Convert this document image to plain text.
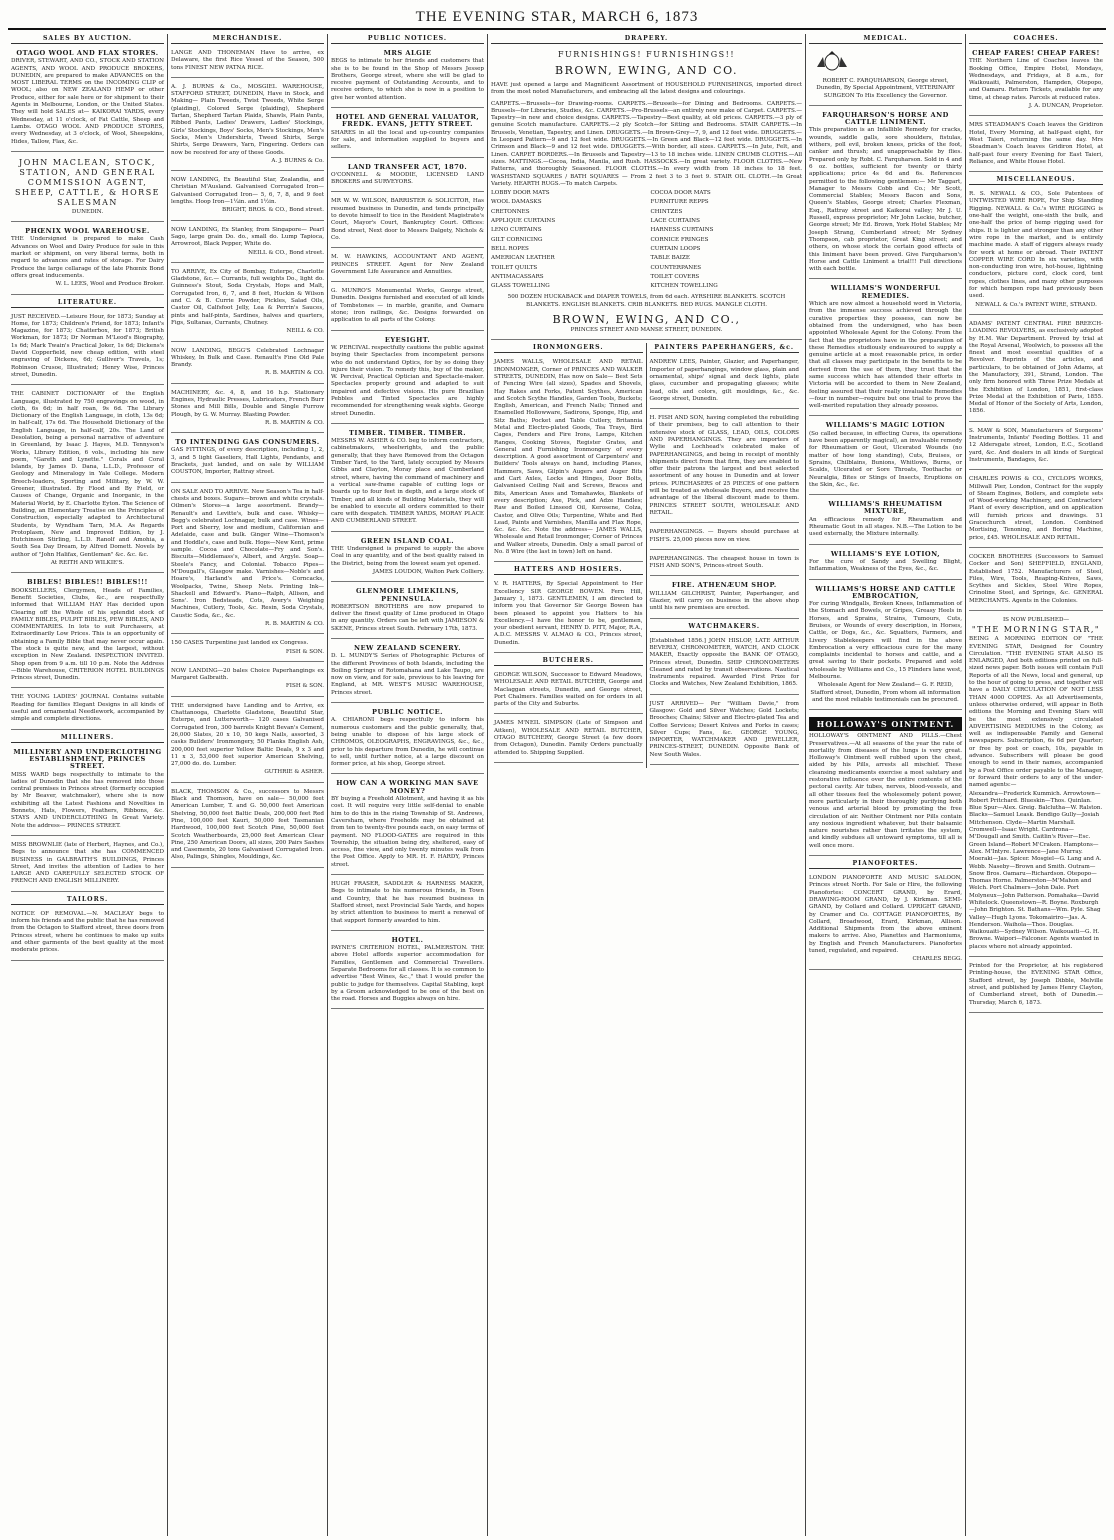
THE EVENING STAR, MARCH 6, 1873
SALES BY AUCTION.

OTAGO WOOL AND FLAX STORES.

DRIVER, STEWART, AND CO., STOCK AND STATION AGENTS, AND WOOL AND PRODUCE BROKERS, DUNEDIN, are prepared to make ADVANCES on the MOST LIBERAL TERMS on the INCOMING CLIP of WOOL; also on NEW ZEALAND HEMP or other Produce, either for sale here or for shipment to their Agents in Melbourne, London, or the United States. They will hold SALES at— KAIKORAI YARDS, every Wednesday, at 11 o'clock, of Fat Cattle, Sheep and Lambs. OTAGO WOOL AND PRODUCE STORES, every Wednesday, at 3 o'clock, of Wool, Sheepskins, Hides, Tallow, Flax, &c.

JOHN MACLEAN, STOCK, STATION, AND GENERAL COMMISSION AGENT, SHEEP, CATTLE, & HORSE SALESMAN

DUNEDIN.

PHŒNIX WOOL WAREHOUSE.

THE Undersigned is prepared to make Cash Advances on Wool and Dairy Produce for sale in this market or shipment, on very liberal terms, both in regard to advances and rates of storage. For Dairy Produce the large cellarage of the late Phœnix Bond offers great inducements.

W. L. LEES, Wool and Produce Broker.

LITERATURE.

JUST RECEIVED.—Leisure Hour, for 1873; Sunday at Home, for 1873; Children's Friend, for 1873; Infant's Magazine, for 1873; Chatterbox, for 1873; British Workman, for 1873; Dr Norman M'Leod's Biography, 1s 6d; Mark Twain's Practical Joker, 1s 6d; Dickens's David Copperfield, new cheap edition, with steel engraving of Dickens, 6d; Gulliver's Travels, 1s; Robinson Crusoe, Illustrated; Henry Wise, Princes street, Dunedin.

THE CABINET DICTIONARY of the English Language, illustrated by 750 engravings on wood, in cloth, 6s 6d; in half roan, 9s 6d. The Library Dictionary of the English Language, in cloth, 13s 6d; in half-calf, 17s 6d. The Household Dictionary of the English Language, in half-calf, 20s. The Land of Desolation, being a personal narrative of adventure in Greenland, by Isaac J. Hayes, M.D. Tennyson's Works, Library Edition, 6 vols., including his new poem, "Gareth and Lynette." Corals and Coral Islands, by James D. Dana, L.L.D., Professor of Geology and Mineralogy in Yale College. Modern Breech-loaders, Sporting and Military, by W. W. Greener, illustrated. By Flood and By Field, or Causes of Change, Organic and Inorganic, in the Material World, by E. Charlotte Eyton. The Science of Building, an Elementary Treatise on the Principles of Construction, especially adapted to Architectural Students, by Wyndham Tarn, M.A. As Regards Protoplasm, New and Improved Edition, by J. Hutchinson Stirling, L.L.D. Ranolf and Amohia, a South Sea Day Dream, by Alfred Domett. Novels by author of "John Halifax, Gentleman" &c. &c. &c.

At REITH AND WILKIE'S.

BIBLES! BIBLES!! BIBLES!!!

BOOKSELLERS, Clergymen, Heads of Families, Benefit Societies, Clubs, &c., are respectfully informed that WILLIAM HAY Has decided upon Clearing off the Whole of his splendid stock of FAMILY BIBLES, PULPIT BIBLES, PEW BIBLES, AND COMMENTARIES. In lots to suit Purchasers, at Extraordinarily Low Prices. This is an opportunity of obtaining a Family Bible that may never occur again. The stock is quite new, and the largest, without exception in New Zealand. INSPECTION INVITED. Shop open from 9 a.m. till 10 p.m. Note the Address—Bible Warehouse, CRITERION HOTEL BUILDINGS Princes street, Dunedin.

THE YOUNG LADIES' JOURNAL Contains suitable Reading for families Elegant Designs in all kinds of useful and ornamental Needlework, accompanied by simple and complete directions.

MILLINERS.

MILLINERY AND UNDERCLOTHING ESTABLISHMENT, PRINCES STREET.

MISS WARD begs respectfully to intimate to the ladies of Dunedin that she has removed into those central premises in Princes street (formerly occupied by Mr Beaver, watchmaker), where she is now exhibiting all the Latest Fashions and Novelties in Bonnets, Hats, Flowers, Feathers, Ribbons, &c. STAYS AND UNDERCLOTHING In Great Variety. Note the address— PRINCES STREET.

MISS BROWNLIE (late of Herbert, Haynes, and Co.), Begs to announce that she has COMMENCED BUSINESS in GALBRAITH'S BUILDINGS, Princes Street, And invites the attention of Ladies to her LARGE AND CAREFULLY SELECTED STOCK OF FRENCH AND ENGLISH MILLINERY.

TAILORS.

NOTICE OF REMOVAL.—N. MACLEAY begs to inform his friends and the public that he has removed from the Octagon to Stafford street, three doors from Princes street, where he continues to make up suits and other garments of the best quality at the most moderate prices.

MERCHANDISE.

LANGE AND THONEMAN Have to arrive, ex Delaware, the first Rice Vessel of the Season, 500 tons FINEST NEW PATNA RICE.

A. J. BURNS & Co., MOSGIEL WAREHOUSE, STAFFORD STREET, DUNEDIN, Have in Stock, and Making— Plain Tweeds, Twist Tweeds, White Serge (plaiding), Colored Serge (plaiding), Shepherd Tartan, Shepherd Tartan Plaids, Shawls, Plain Pants, Ribbed Pants, Ladies' Drawers, Ladies' Stockings, Girls' Stockings, Boys' Socks, Men's Stockings, Men's Socks, Men's Undershirts, Tweed Shirts, Serge Shirts, Serge Drawers, Yarn, Fingering. Orders can now be received for any of these Goods.

A. J. BURNS & Co.

NOW LANDING, Ex Beautiful Star, Zealandia, and Christian M'Ausland. Galvanised Corrugated Iron— Galvanised Corrugated Iron— 5, 6, 7, 8, and 9 feet lengths. Hoop Iron—1¼in. and 1½in.

BRIGHT, BROS. & CO., Bond street.

NOW LANDING, Ex Stanley, from Singapore— Pearl Sago, large grain Do. do., small do. Lump Tapioca, Arrowroot, Black Pepper, White do.

NEILL & CO., Bond street.

TO ARRIVE, Ex City of Bombay, Euterpe, Charlotte Gladstone, &c.— Currants, full weights Do., light do. Guinness's Stout, Soda Crystals, Hops and Malt, Corrugated Iron, 6, 7, and 8 feet, Huckin & Wilson and C. & B. Currie Powder, Pickles, Salad Oils, Castor Oil, Calfsfoot Jelly, Lea & Perrin's Sauces, pints and half-pints, Sardines, halves and quarters, Figs, Sultanas, Currants, Chutney.

NEILL & CO.

NOW LANDING, BEGG'S Celebrated Lochnagar Whiskey, In Bulk and Case. Renault's Fine Old Pale Brandy.

R. B. MARTIN & CO.

MACHINERY, &c. 4, 8, and 16 h.p. Stationary Engines, Hydraulic Presses, Lubricators, French Burr Stones and Mill Bills, Double and Single Furrow Plough, by G. W. Murray. Blasting Powder.

R. B. MARTIN & CO.

TO INTENDING GAS CONSUMERS.

GAS FITTINGS, of every description, including 1, 2, 3, and 5 light Gaseliers, Hall Lights, Pendants, and Brackets, just landed, and on sale by WILLIAM COUSTON, Importer, Rattray street.

ON SALE AND TO ARRIVE. New Season's Tea in half-chests and boxes. Sugars—brown and white crystals. Oilmen's Stores—a large assortment. Brandy—Renault's and Levitte's, bulk and case. Whisky—Begg's celebrated Lochnagar, bulk and case. Wines—Port and Sherry, low and medium, Californian and Adelaide, case and bulk. Ginger Wine—Thomson's and Hoddle's, case and bulk. Hops—New Kent, prime sample. Cocoa and Chocolate—Fry and Son's. Biscuits—Middlemass's, Albert, and Argyle. Soap—Steele's Fancy, and Colonial. Tobacco Pipes—M'Dougall's, Glasgow make. Varnishes—Noble's and Hoare's, Harland's and Price's. Corncacks, Woolpacks, Twine, Sheep Nets. Printing Ink—Shackell and Edward's. Piano—Ralph, Allison, and Sons'. Iron Bedsteads, Cots, Avery's Weighing Machines, Cutlery, Tools, &c. Resin, Soda Crystals, Caustic Soda, &c., &c.

R. B. MARTIN & CO.

150 CASES Turpentine just landed ex Congress.

FISH & SON.

NOW LANDING—20 bales Choice Paperhangings ex Margaret Galbraith.

FISH & SON.

THE undersigned have Landing and to Arrive, ex Chattanooga, Charlotte Gladstone, Beautiful Star, Euterpe, and Lutterworth— 120 cases Galvanised Corrugated Iron, 300 barrels Knight Bevan's Cement, 26,000 Slates, 20 x 10, 50 kegs Nails, assorted, 3 casks Builders' Ironmongery, 50 Flanks English Ash, 200,000 feet superior Yellow Baltic Deals, 9 x 3 and 11 x 3, 53,000 feet superior American Shelving, 27,000 do. do. Lumber.

GUTHRIE & ASHER.

BLACK, THOMSON & Co., successors to Messrs Black and Thomson, have on sale— 50,000 feet American Lumber, T. and G. 50,000 feet American Shelving, 50,000 feet Baltic Deals, 200,000 feet Red Pine, 100,000 feet Kauri, 50,000 feet Tasmanian Hardwood, 100,000 feet Scotch Pine, 50,000 feet Scotch Weatherboards, 25,000 feet American Clear Pine, 250 American Doors, all sizes, 200 Pairs Sashes and Casements, 20 tons Galvanised Corrugated Iron. Also, Palings, Shingles, Mouldings, &c.

PUBLIC NOTICES.

MRS ALGIE

BEGS to intimate to her friends and customers that she is to be found in the Shop of Messrs Jessep Brothers, George street, where she will be glad to receive payment of Outstanding Accounts, and to receive orders, to which she is now in a position to give her wonted attention.

HOTEL AND GENERAL VALUATOR, FREDK. EVANS, JETTY STREET.

SHARES in all the local and up-country companies for sale, and information supplied to buyers and sellers.

LAND TRANSFER ACT, 1870.

O'CONNELL & MOODIE, LICENSED LAND BROKERS and SURVEYORS.

MR W. W. WILSON, BARRISTER & SOLICITOR, Has resumed business in Dunedin, and tends principally to devote himself to tice in the Resident Magistrate's Court, Mayor's Court, Bankruptcy Court. Offices: Bond street, Next door to Messrs Dalgety, Nichols & Co.

M. W. HAWKINS, ACCOUNTANT AND AGENT, PRINCES STREET. Agent for New Zealand Government Life Assurance and Annuities.

G. MUNRO'S Monumental Works, George street, Dunedin. Designs furnished and executed of all kinds of Tombstones — in marble, granite, and Oamaru stone; iron railings, &c. Designs forwarded on application to all parts of the Colony.

EYESIGHT.

W. PERCIVAL respectfully cautions the public against buying their Spectacles from incompetent persons who do not understand Optics, for by so doing they injure their vision. To remedy this, buy of the maker, W. Percival, Practical Optician and Spectacle-maker. Spectacles properly ground and adapted to suit impaired and defective visions. His pure Brazilian Pebbles and Tinted Spectacles are highly recommended for strengthening weak sights. George street Dunedin.

TIMBER. TIMBER. TIMBER.

MESSRS W. ASHER & CO. beg to inform contractors, cabinetmakers, wheelwrights, and the public generally, that they have Removed from the Octagon Timber Yard, to the Yard, lately occupied by Messrs Gibbs and Clayton, Moray place and Cumberland street, where, having the command of machinery and a vertical saw-frame capable of cutting logs or boards up to four feet in depth, and a large stock of Timber, and all kinds of Building Materials, they will be enabled to execute all orders committed to their care with despatch. TIMBER YARDS, MORAY PLACE AND CUMBERLAND STREET.

GREEN ISLAND COAL.

THE Undersigned is prepared to supply the above Coal in any quantity, and of the best quality raised in the District, being from the lowest seam yet opened.

JAMES LOUDON, Walton Park Colliery.

GLENMORE LIMEKILNS, PENINSULA.

ROBERTSON BROTHERS are now prepared to deliver the finest quality of Lime produced in Otago in any quantity. Orders can be left with JAMIESON & SKENE, Princes street South. February 17th, 1873.

NEW ZEALAND SCENERY.

D. L. MUNDY'S Series of Photographic Pictures of the different Provinces of both Islands, including the Boiling Springs of Rotomahana and Lake Taupo, are now on view, and for sale, previous to his leaving for England, at MR. WEST'S MUSIC WAREHOUSE, Princes street.

PUBLIC NOTICE.

A. CHIARONI begs respectfully to inform his numerous customers and the public generally, that, being unable to dispose of his large stock of CHROMOS, OLEOGRAPHS, ENGRAVINGS, &c., &c., prior to his departure from Dunedin, he will continue to sell, until further notice, at a large discount on former price, at his shop, George street.

HOW CAN A WORKING MAN SAVE MONEY?

BY buying a Freehold Allotment, and having it as his cost. It will require very little self-denial to enable him to do this in the rising Township of St. Andrews, Caversham, where Freeholds may be obtained at from ten to twenty-five pounds each, on easy terms of payment. NO FLOOD-GATES are required in this Township, the situation being dry, sheltered, easy of access, fine view, and only twenty minutes walk from the Post Office. Apply to MR. H. F. HARDY, Princes street.

HUGH FRASER, SADDLER & HARNESS MAKER, Begs to intimate to his numerous friends, in Town and Country, that he has resumed business in Stafford street, next Provincial Sale Yards, and hopes by strict attention to business to merit a renewal of that support formerly awarded to him.

HOTEL.

PAYNE'S CRITERION HOTEL, PALMERSTON. THE above Hotel affords superior accommodation for Families, Gentlemen and Commercial Travellers. Separate Bedrooms for all classes. It is so common to advertise "Best Wines, &c.," that I would prefer the public to judge for themselves. Capital Stabling, kept by a Groom acknowledged to be one of the best on the road. Horses and Buggies always on hire.

DRAPERY.

FURNISHINGS! FURNISHINGS!!

BROWN, EWING, AND CO.

HAVE just opened a large and Magnificent Assortment of HOUSEHOLD FURNISHINGS, imported direct from the most noted Manufacturers, and embracing all the latest designs and colourings.

CARPETS.—Brussels—for Drawing-rooms. CARPETS.—Brussels—for Dining and Bedrooms. CARPETS.—Brussels—for Libraries, Studies, &c. CARPETS.—Pro-Brussels—an entirely new make of Carpet. CARPETS.—Tapestry—in new and choice designs. CARPETS.—Tapestry—Best quality, at old prices. CARPETS.—3 ply of genuine Scotch manufacture. CARPETS.—2 ply Scotch—for Sitting and Bedrooms. STAIR CARPETS.—In Brussels, Venetian, Tapestry, and Linen. DRUGGETS.—In Brown-Grey—7, 9, and 12 feet wide. DRUGGETS.—In Leopard Pattern—9 and 12 feet wide. DRUGGETS.—In Green and Black—12 feet wide. DRUGGETS.—In Crimson and Black—9 and 12 feet wide. DRUGGETS.—With border, all sizes. CARPETS.—In Jute, Felt, and Linen. CARPET BORDERS.—In Brussels and Tapestry—13 to 18 inches wide. LINEN CRUMB CLOTHS.—All sizes. MATTINGS.—Cocoa, India, Manila, and Rush. HASSOCKS.—In great variety. FLOOR CLOTHS.—New Patterns, and thoroughly Seasoned. FLOOR CLOTHS.—In every width from 18 inches to 18 feet. WASHSTAND SQUARES / BATH SQUARES — From 2 feet 3 to 3 feet 9. STAIR OIL CLOTH.—In Great Variety. HEARTH RUGS.—To match Carpets.

LOBBY DOOR MATS	COCOA DOOR MATS

WOOL DAMASKS	FURNITURE REPPS

CRETONNES	CHINTZES

APPLIQUE CURTAINS	LACE CURTAINS

LENO CURTAINS	HARNESS CURTAINS

GILT CORNICING	CORNICE FRINGES

BELL ROPES	CURTAIN LOOPS

AMERICAN LEATHER	TABLE BAIZE

TOILET QUILTS	COUNTERPANES

ANTIMACASSARS	TOILET COVERS

GLASS TOWELLING	KITCHEN TOWELLING

500 DOZEN HUCKABACK and DIAPER TOWELS, from 6d each. AYRSHIRE BLANKETS. SCOTCH BLANKETS. ENGLISH BLANKETS. CRIB BLANKETS. BED RUGS. MANGLE CLOTH.

BROWN, EWING, AND CO.,

PRINCES STREET AND MANSE STREET, DUNEDIN.

IRONMONGERS.

JAMES WALLS, WHOLESALE AND RETAIL IRONMONGER, Corner of PRINCES AND WALKER STREETS, DUNEDIN, Has now on Sale— Best Sets of Fencing Wire (all sizes), Spades and Shovels, Hay Rakes and Forks, Patent Scythes, American and Scotch Scythe Handles, Garden Tools, Buckets; English, American, and French Nails; Tinned and Enamelled Hollowware, Sadirons, Sponge, Hip, and Sitz Baths; Pocket and Table Cutlery, Britannia Metal and Electro-plated Goods, Tea Trays, Bird Cages, Fenders and Fire Irons, Lamps, Kitchen Ranges, Cooking Stoves, Register Grates, and General and Furnishing Ironmongery of every description. A good assortment of Carpenters' and Builders' Tools always on hand, including Planes, Hammers, Saws, Gilpin's Augers and Auger Bits and Cart Axles, Locks and Hinges, Door Bolts, Galvanised Ceiling Nail and Screws, Braces and Bits, American Axes and Tomahawks, Blankets of every description; Axe, Pick, and Adze Handles; Raw and Boiled Linseed Oil, Kerosene, Colza, Castor, and Olive Oils; Turpentine, White and Red Lead, Paints and Varnishes, Manilla and Flax Rope, &c. &c. &c. Note the address— JAMES WALLS, Wholesale and Retail Ironmonger, Corner of Princes and Walker streets, Dunedin. Only a small parcel of No. 8 Wire (the last in town) left on hand.

HATTERS AND HOSIERS.

V. R. HATTERS, By Special Appointment to Her Excellency SIR GEORGE BOWEN. Fern Hill, January 1, 1873. GENTLEMEN, I am directed to inform you that Governor Sir George Bowen has been pleased to appoint you Hatters to his Excellency.—I have the honor to be, gentlemen, your obedient servant, HENRY D. PITT, Major, R.A., A.D.C. MESSRS V. ALMAO & CO., Princes street, Dunedin.

BUTCHERS.

GEORGE WILSON, Successor to Edward Meadows, WHOLESALE AND RETAIL BUTCHER, George and Maclaggan streets, Dunedin, and George street, Port Chalmers. Families waited on for orders in all parts of the City and Suburbs.

JAMES M'NEIL SIMPSON (Late of Simpson and Aitken), WHOLESALE AND RETAIL BUTCHER, OTAGO BUTCHERY, George Street (a few doors from Octagon), Dunedin. Family Orders punctually attended to. Shipping Supplied.

PAINTERS PAPERHANGERS, &c.

ANDREW LEES, Painter, Glazier, and Paperhanger, Importer of paperhangings, window glass, plain and ornamental, ships' signal and deck lights, plate glass, cucumber and propagating glasses; white lead, oils and colors, gilt mouldings, &c., &c. George street, Dunedin.

H. FISH AND SON, having completed the rebuilding of their premises, beg to call attention to their extensive stock of GLASS, LEAD, OILS, COLORS AND PAPERHANGINGS. They are importers of Wylie and Lochhead's celebrated make of PAPERHANGINGS, and being in receipt of monthly shipments direct from that firm, they are enabled to offer their patrons the largest and best selected assortment of any house in Dunedin and at lower prices. PURCHASERS of 25 PIECES of one pattern will be treated as wholesale Buyers, and receive the advantage of the liberal discount made to them. PRINCES STREET SOUTH, WHOLESALE AND RETAIL.

PAPERHANGINGS. — Buyers should purchase at FISH'S. 25,000 pieces now on view.

PAPERHANGINGS. The cheapest house in town is FISH AND SON'S, Princes-street South.

FIRE. ATHENÆUM SHOP.

WILLIAM GILCHRIST, Painter, Paperhanger, and Glazier, will carry on business in the above shop until his new premises are erected.

WATCHMAKERS.

[Established 1856.] JOHN HISLOP, LATE ARTHUR BEVERLY, CHRONOMETER, WATCH, AND CLOCK MAKER, Exactly opposite the BANK OF OTAGO, Princes street, Dunedin. SHIP CHRONOMETERS Cleaned and rated by transit observations. Nautical Instruments repaired. Awarded First Prize for Clocks and Watches, New Zealand Exhibition, 1865.

JUST ARRIVED— Per "William Davie," from Glasgow: Gold and Silver Watches; Gold Lockets; Brooches; Chains; Silver and Electro-plated Tea and Coffee Services; Desert Knives and Forks in cases; Silver Cups; Fans, &c. GEORGE YOUNG, IMPORTER, WATCHMAKER AND JEWELLER, PRINCES-STREET, DUNEDIN. Opposite Bank of New South Wales.

MEDICAL.

ROBERT C. FARQUHARSON, George street, Dunedin, By Special Appointment, VETERINARY SURGEON To His Excellency the Governor.

FARQUHARSON'S HORSE AND CATTLE LINIMENT.

This preparation is an Infallible Remedy for cracks, wounds, saddle galls, sore shoulders, fistulas, withers, poll evil, broken knees, pricks of the foot, canker and thrush; and unapproachable by flies. Prepared only by Robt. C. Farquharson. Sold in 4 and 6 oz. bottles, sufficient for twenty or thirty applications; price 4s 6d and 6s. References permitted to the following gentlemen:— Mr Taggart, Manager to Messrs Cobb and Co.; Mr Scott, Commercial Stables; Messrs Bacon and Sons, Queen's Stables, George street; Charles Flexman, Esq., Rattray street and Kaikorai valley; Mr J. U. Russell, express proprietor; Mr John Leckie, butcher, George street; Mr Ed. Brown, York Hotel Stables; Mr Joseph Strang, Cumberland street; Mr Sydney Thompson, cab proprietor, Great King street; and others, on whose stock the certain good effects of this liniment have been proved. Give Farquharson's Horse and Cattle Liniment a trial!!! Full directions with each bottle.

WILLIAMS'S WONDERFUL REMEDIES.

Which are now almost a household word in Victoria, from the immense success achieved through the curative properties they possess, can now be obtained from the undersigned, who has been appointed Wholesale Agent for the Colony. From the fact that the proprietors have in the preparation of these Remedies studiously endeavoured to supply a genuine article at a most reasonable price, in order that all classes may participate in the benefits to be derived from the use of them, they trust that the same success which has attended their efforts in Victoria will be accorded to them in New Zealand, feeling assured that their really invaluable Remedies —four in number—require but one trial to prove the well-merited reputation they already possess.

WILLIAMS'S MAGIC LOTION

(So called because, in effecting Cures, its operations have been apparently magical), an invaluable remedy for Rheumatism or Gout, Ulcerated Wounds (no matter of how long standing), Cuts, Bruises, or Sprains, Chilblains, Bunions, Whitlows, Burns, or Scalds, Ulcerated or Sore Throats, Toothache or Neuralgia, Bites or Stings of Insects, Eruptions on the Skin, &c., &c.

WILLIAMS'S RHEUMATISM MIXTURE,

An efficacious remedy for Rheumatism and Rheumatic Gout in all stages. N.B.—The Lotion to be used externally, the Mixture internally.

WILLIAMS'S EYE LOTION,

For the cure of Sandy and Swelling Blight, Inflammation, Weakness of the Eyes, &c., &c.

WILLIAMS'S HORSE AND CATTLE EMBROCATION,

For curing Windgalls, Broken Knees, Inflammation of the Stomach and Bowels, or Gripes, Greasy Heels in Horses, and Sprains, Strains, Tumours, Cuts, Bruises, or Wounds of every description, in Horses, Cattle, or Dogs, &c., &c. Squatters, Farmers, and Livery Stablekeepers will find in the above Embrocation a very efficacious cure for the many complaints incidental to horses and cattle, and a great saving to their pockets. Prepared and sold wholesale by Williams and Co., 15 Flinders lane west, Melbourne.

Wholesale Agent for New Zealand— G. F. REID, Stafford street, Dunedin, From whom all information and the most reliable testimonials can be procured.

HOLLOWAY'S OINTMENT.

HOLLOWAY'S OINTMENT AND PILLS.—Chest Preservatives.—At all seasons of the year the rate of mortality from diseases of the lungs is very great. Holloway's Ointment well rubbed upon the chest, aided by his Pills, arrests all mischief. These cleansing medicaments exercise a most salutary and restorative influence over the entire contents of the pectoral cavity. Air tubes, nerves, blood-vessels, and all other tissues feel the wholesomely potent power, more particularly in their thoroughly purifying both venous and arterial blood by promoting the free circulation of air. Neither Ointment nor Pills contain any noxious ingredient whatever, but their balsamic nature nourishes rather than irritates the system, and kindly subdues all untoward symptoms, till all is well once more.

PIANOFORTES.

LONDON PIANOFORTE AND MUSIC SALOON, Princes street North. For Sale or Hire, the following Pianofortes: CONCERT GRAND, by Erard, DRAWING-ROOM GRAND, by J. Kirkman. SEMI-GRAND, by Collard and Collard. UPRIGHT GRAND, by Cramer and Co. COTTAGE PIANOFORTES, By Collard, Broadwood, Erard, Kirkman, Allison. Additional Shipments from the above eminent makers to arrive. Also, Pianettes and Harmoniums, by English and French Manufacturers. Pianofortes tuned, regulated, and repaired.

CHARLES BEGG.

COACHES.

CHEAP FARES! CHEAP FARES!

THE Northern Line of Coaches leaves the Booking Office, Empire Hotel, Mondays, Wednesdays, and Fridays, at 8 a.m., for Waikouaiti, Palmerston, Hampden, Otepopo, and Oamaru. Return Tickets, available for any time, at cheap rates. Parcels at reduced rates.

J. A. DUNCAN, Proprietor.

MRS STEADMAN'S Coach leaves the Gridiron Hotel, Every Morning, at half-past eight, for West Taieri, returning the same day. Mrs Steadman's Coach leaves Gridiron Hotel, at half-past four every Evening for East Taieri, Reliance, and White House Hotel.

MISCELLANEOUS.

R. S. NEWALL & CO., Sole Patentees of UNTWISTED WIRE ROPE, For Ship Standing Rigging. NEWALL & Co.'s WIRE RIGGING is one-half the weight, one-sixth the bulk, and one-half the price of hemp rigging used for ships. It is lighter and stronger than any other wire rope in the market, and is entirely machine made. A staff of riggers always ready for work at home or abroad. Their PATENT COPPER WIRE CORD In six varieties, with non-conducting iron wire, hot-house, lightning conductors, picture cord, clock cord, tent ropes, clothes lines, and many other purposes for which hempen rope had previously been used.

NEWALL & Co.'s PATENT WIRE, STRAND.

ADAMS' PATENT CENTRAL FIRE BREECH-LOADING REVOLVERS, as exclusively adopted by H.M. War Department. Proved by trial at the Royal Arsenal, Woolwich, to possess all the finest and most essential qualities of a Revolver. Reprints of the articles, and particulars, to be obtained of John Adams, at the Manufactory, 391, Strand, London. The only firm honored with Three Prize Medals at the Exhibition of London, 1851, first-class Prize Medal at the Exhibition of Paris, 1855. Medal of Honor of the Society of Arts, London, 1856.

S. MAW & SON, Manufacturers of Surgeons' Instruments, Infants' Feeding Bottles. 11 and 12 Aldersgate street, London, E.C., Scotland yard, &c. And dealers in all kinds of Surgical Instruments, Bandages, &c.

CHARLES POWIS & CO., CYCLOPS WORKS, Millwall Pier, London, Contract for the supply of Steam Engines, Boilers, and complete sets of Wood-working Machinery, and Contractors' Plant of every description, and on application will furnish prices and drawings. 51 Gracechurch street, London. Combined Mortising, Tenoning, and Boring Machine, price, £45. WHOLESALE AND RETAIL.

COCKER BROTHERS (Successors to Samuel Cocker and Son) SHEFFIELD, ENGLAND, Established 1752. Manufacturers of Steel, Files, Wire, Tools, Reaping-Knives, Saws, Scythes and Sickles, Steel Wire Ropes, Crinoline Steel, and Springs, &c. GENERAL MERCHANTS. Agents in the Colonies.

IS NOW PUBLISHED—

"THE MORNING STAR,"

BEING A MORNING EDITION OF "THE EVENING STAR, Designed for Country Circulation. "THE EVENING STAR ALSO IS ENLARGED, And both editions printed on full-sized news paper. Both issues will contain Full Reports of all the News, local and general, up to the hour of going to press, and together will have a DAILY CIRCULATION OF NOT LESS THAN 4000 COPIES. As all Advertisements, unless otherwise ordered, will appear in Both editions the Morning and Evening Stars will be the most extensively circulated ADVERTISING MEDIUMS in the Colony, as well as indispensable Family and General newspapers. Subscription, 6s 6d per Quarter; or free by post or coach, 10s, payable in advance. Subscribers will please be good enough to send in their names, accompanied by a Post Office order payable to the Manager, or forward their orders to any of the under-named agents:—

Alexandra—Frederick Kummich. Arrowtown—Robert Pritchard. Blueskin—Thos. Quinlan. Blue Spur—Alex. Greig. Balclutha—W. Ralston. Blacks—Samuel Leask. Bendigo Gully—Josiah Mitchenson. Clyde—Martin Marshall. Cromwell—Isaac Wright. Cardrona—M'Dougall and Smith. Caitlin's River—Esc. Green Island—Robert M'Craken. Hamptons—Alex. M'Intyre. Lawrence—Jane Murray. Moeraki—Jas. Spicer. Mosgiel—G. Lang and A. Webb. Naseby—Brown and Smith. Outram—Snow Bros. Oamaru—Richardson. Otepopo—Thomas Horne. Palmerston—M'Mahon and Welch. Port Chalmers—John Dale. Port Molyneux—John Patterson. Pomahaka—David Whitelock. Queenstown—R. Boyne. Roxburgh—John Brighton. St. Bathans—Wm. Pyle. Shag Valley—Hugh Lyons. Tokomairiro—Jas. A. Henderson. Waihola—Thos. Douglas. Waikouaiti—Sydney Wilson. Waikouaiti—G. H. Browne. Waipori—Falconer. Agents wanted in places where not already appointed.

Printed for the Proprietor, at his registered Printing-house, the EVENING STAR Office, Stafford street, by Joseph Dibble, Melville street, and published by James Henry Clayton, of Cumberland street, both of Dunedin.—Thursday, March 6, 1873.
